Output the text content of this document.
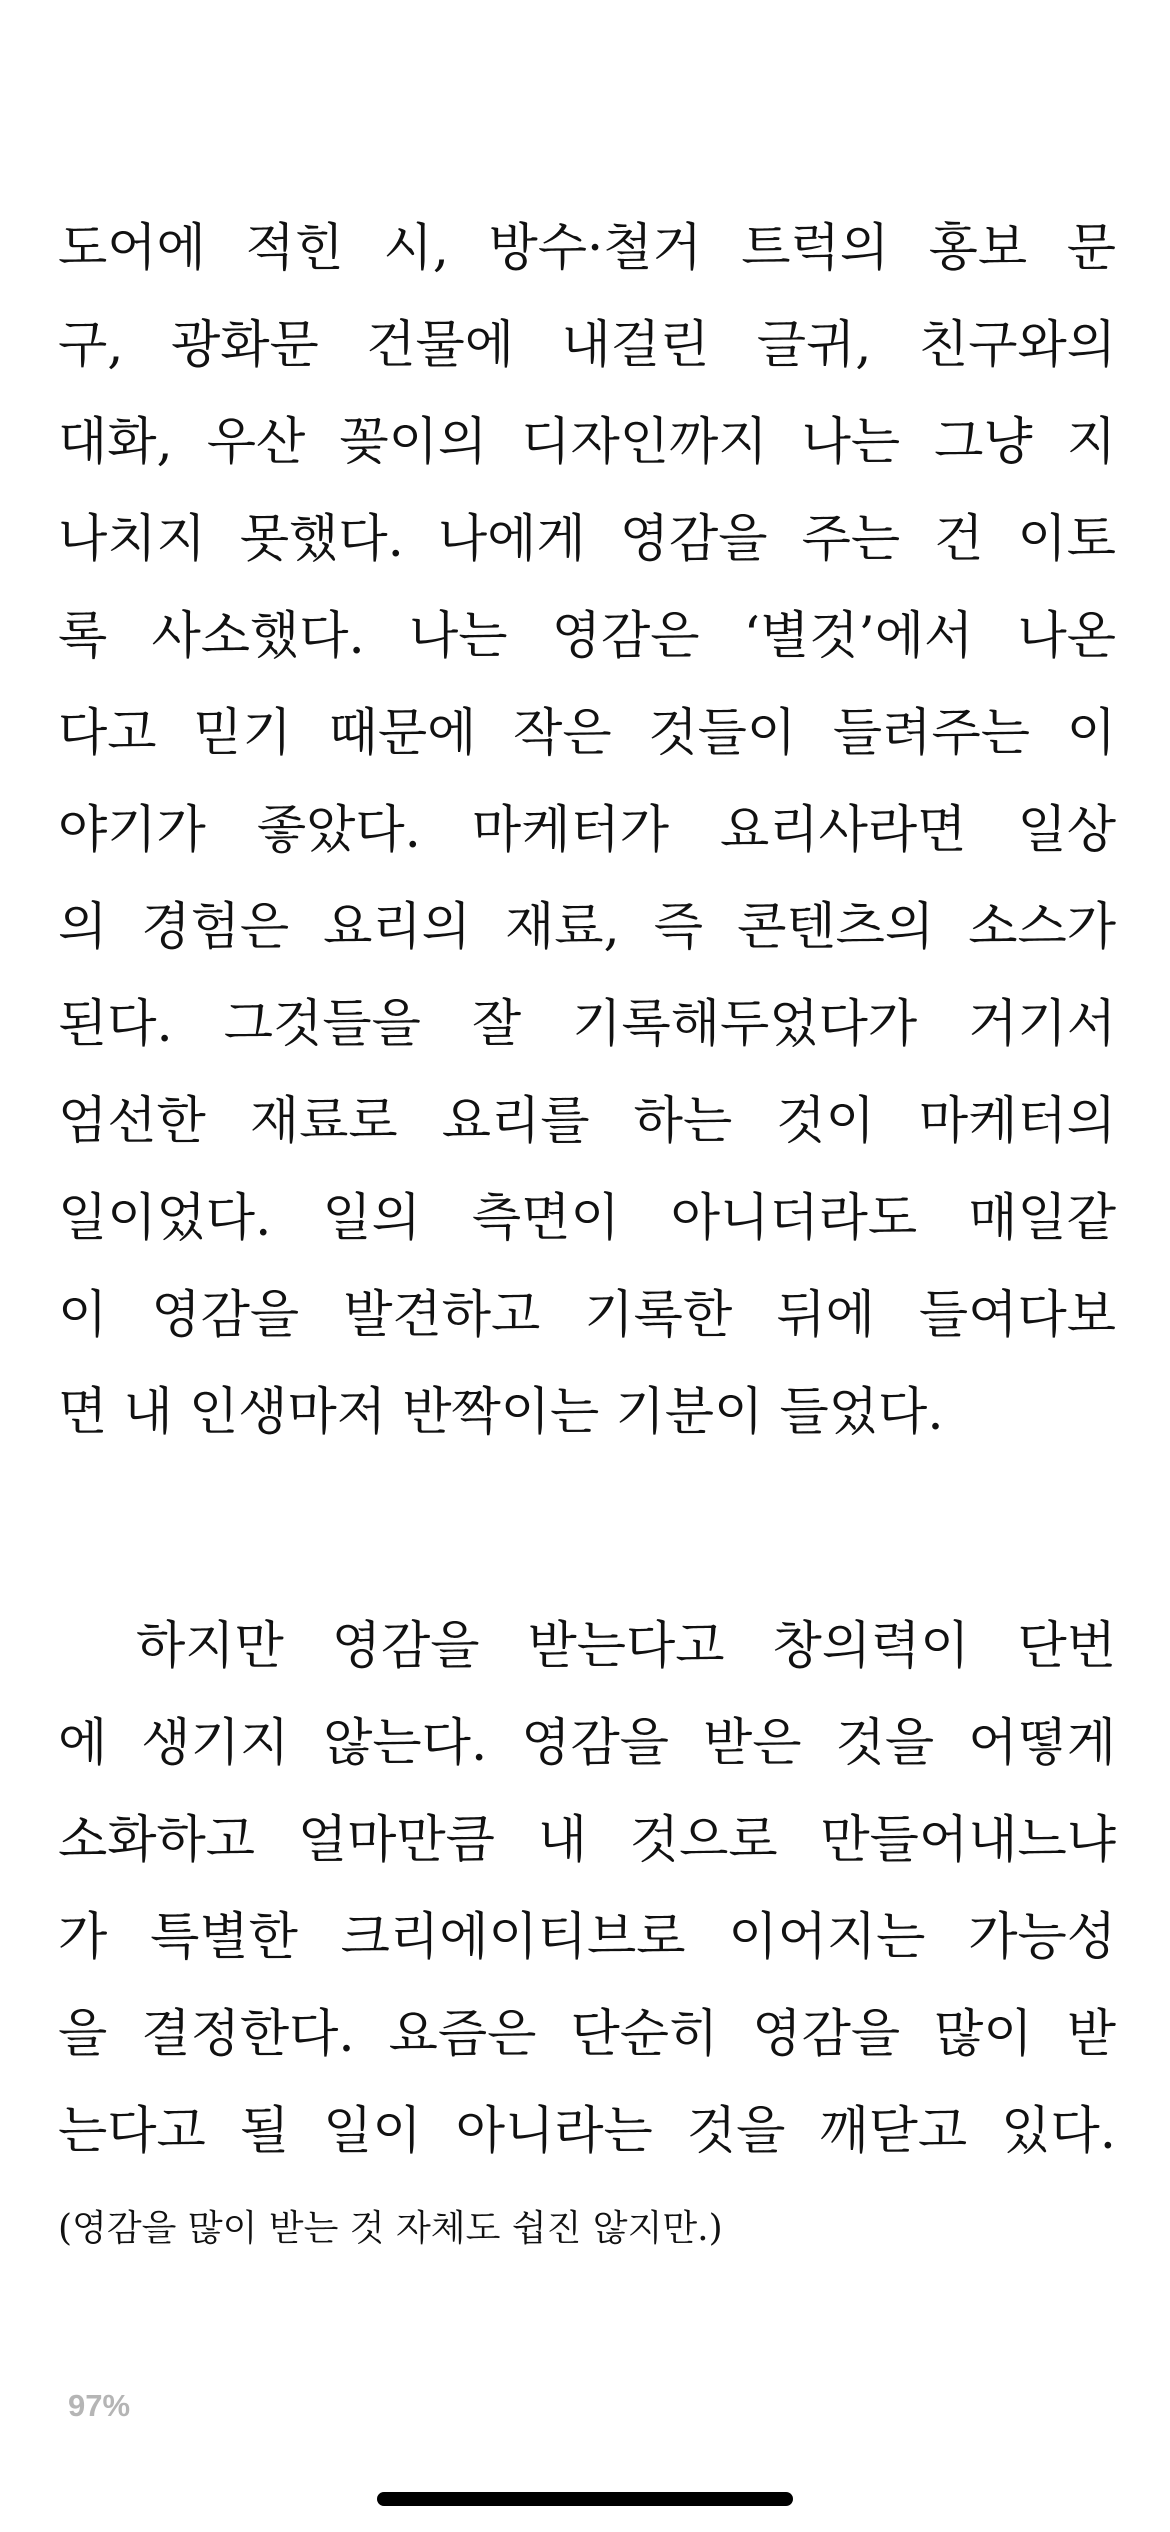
도어에 적힌 시, 방수·철거 트럭의 홍보 문
구, 광화문 건물에 내걸린 글귀, 친구와의
대화, 우산 꽂이의 디자인까지 나는 그냥 지
나치지 못했다. 나에게 영감을 주는 건 이토
록 사소했다. 나는 영감은 ‘별것’에서 나온
다고 믿기 때문에 작은 것들이 들려주는 이
야기가 좋았다. 마케터가 요리사라면 일상
의 경험은 요리의 재료, 즉 콘텐츠의 소스가
된다. 그것들을 잘 기록해두었다가 거기서
엄선한 재료로 요리를 하는 것이 마케터의
일이었다. 일의 측면이 아니더라도 매일같
이 영감을 발견하고 기록한 뒤에 들여다보
면 내 인생마저 반짝이는 기분이 들었다.
하지만 영감을 받는다고 창의력이 단번
에 생기지 않는다. 영감을 받은 것을 어떻게
소화하고 얼마만큼 내 것으로 만들어내느냐
가 특별한 크리에이티브로 이어지는 가능성
을 결정한다. 요즘은 단순히 영감을 많이 받
는다고 될 일이 아니라는 것을 깨닫고 있다.
(영감을 많이 받는 것 자체도 쉽진 않지만.)
97%
